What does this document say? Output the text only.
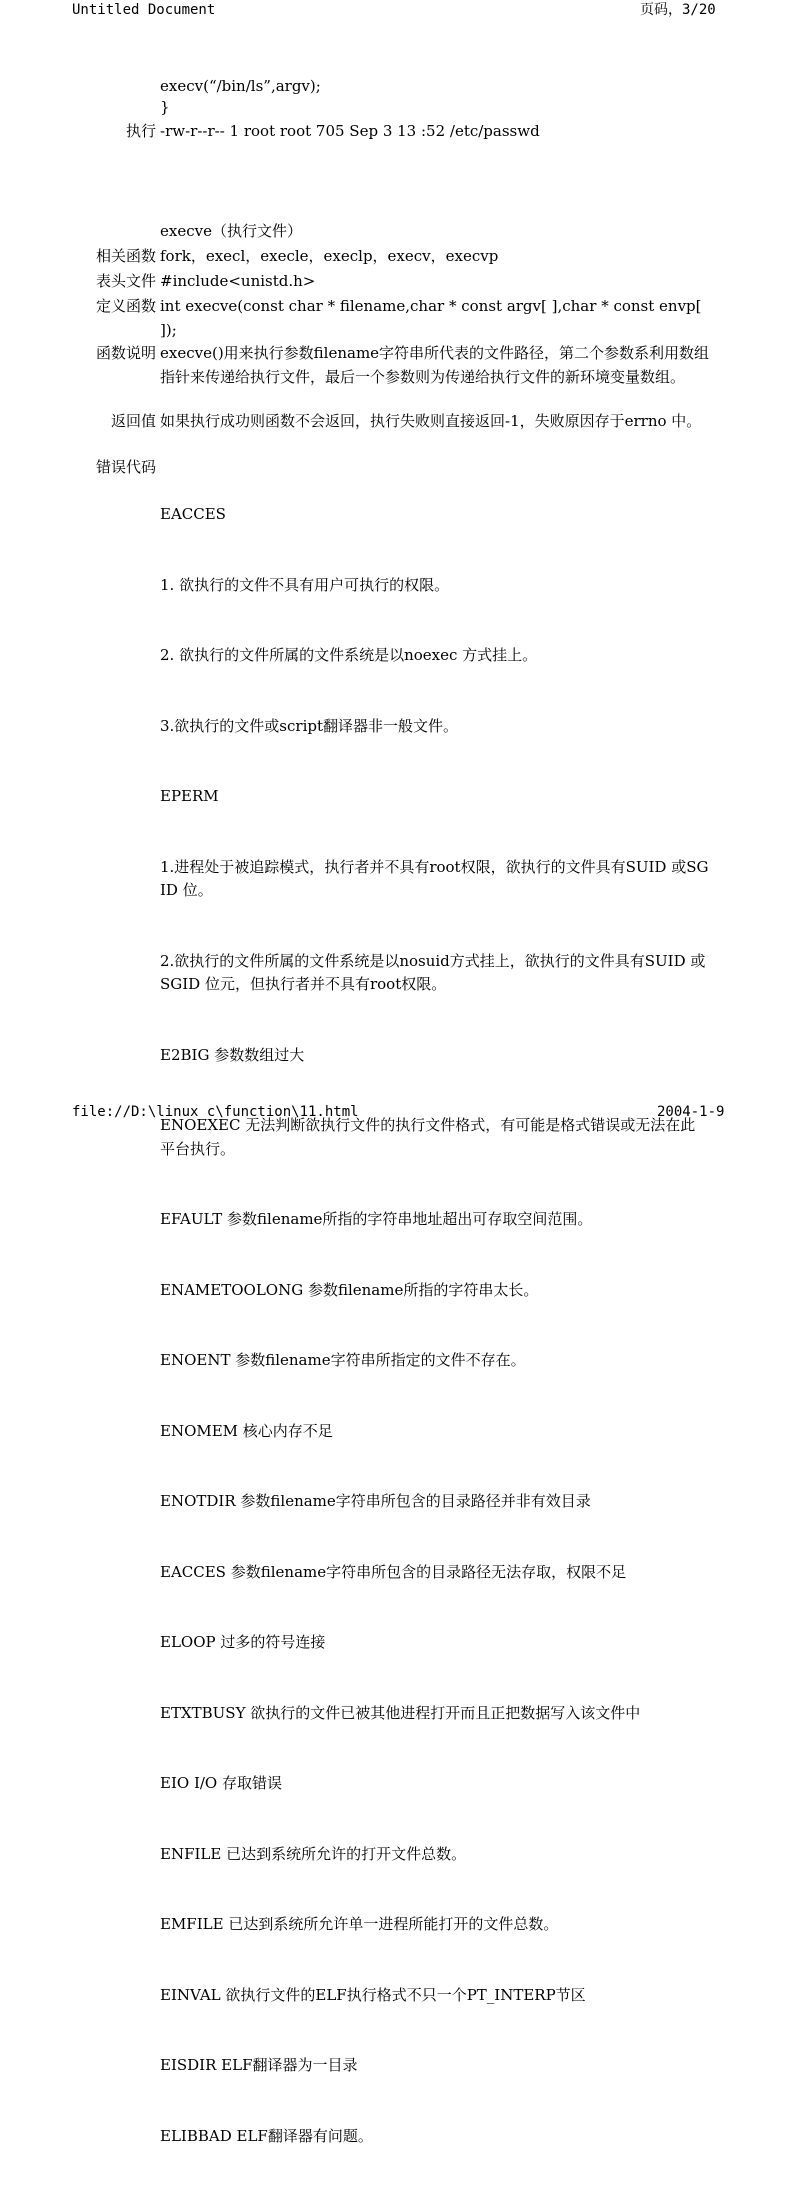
Untitled Document	页码，3/20
execv(“/bin/ls”,argv);
}
执行 -rw-r--r-- 1 root root 705 Sep 3 13 :52 /etc/passwd
execve（执行文件）
相关函数 fork，execl，execle，execlp，execv，execvp
表头文件 #include<unistd.h>
定义函数 int execve(const char * filename,char * const argv[ ],char * const envp[ ]);
函数说明 execve()用来执行参数filename字符串所代表的文件路径，第二个参数系利用数组指针来传递给执行文件，最后一个参数则为传递给执行文件的新环境变量数组。
返回值 如果执行成功则函数不会返回，执行失败则直接返回-1，失败原因存于errno 中。
错误代码

EACCES

1. 欲执行的文件不具有用户可执行的权限。

2. 欲执行的文件所属的文件系统是以noexec 方式挂上。

3.欲执行的文件或script翻译器非一般文件。

EPERM

1.进程处于被追踪模式，执行者并不具有root权限，欲执行的文件具有SUID 或SGID 位。

2.欲执行的文件所属的文件系统是以nosuid方式挂上，欲执行的文件具有SUID 或SGID 位元，但执行者并不具有root权限。

E2BIG 参数数组过大

ENOEXEC 无法判断欲执行文件的执行文件格式，有可能是格式错误或无法在此平台执行。

EFAULT 参数filename所指的字符串地址超出可存取空间范围。

ENAMETOOLONG 参数filename所指的字符串太长。

ENOENT 参数filename字符串所指定的文件不存在。

ENOMEM 核心内存不足

ENOTDIR 参数filename字符串所包含的目录路径并非有效目录

EACCES 参数filename字符串所包含的目录路径无法存取，权限不足

ELOOP 过多的符号连接

ETXTBUSY 欲执行的文件已被其他进程打开而且正把数据写入该文件中

EIO I/O 存取错误

ENFILE 已达到系统所允许的打开文件总数。

EMFILE 已达到系统所允许单一进程所能打开的文件总数。

EINVAL 欲执行文件的ELF执行格式不只一个PT_INTERP节区

EISDIR ELF翻译器为一目录

ELIBBAD ELF翻译器有问题。

file://D:\linux_c\function\11.html	2004-1-9
